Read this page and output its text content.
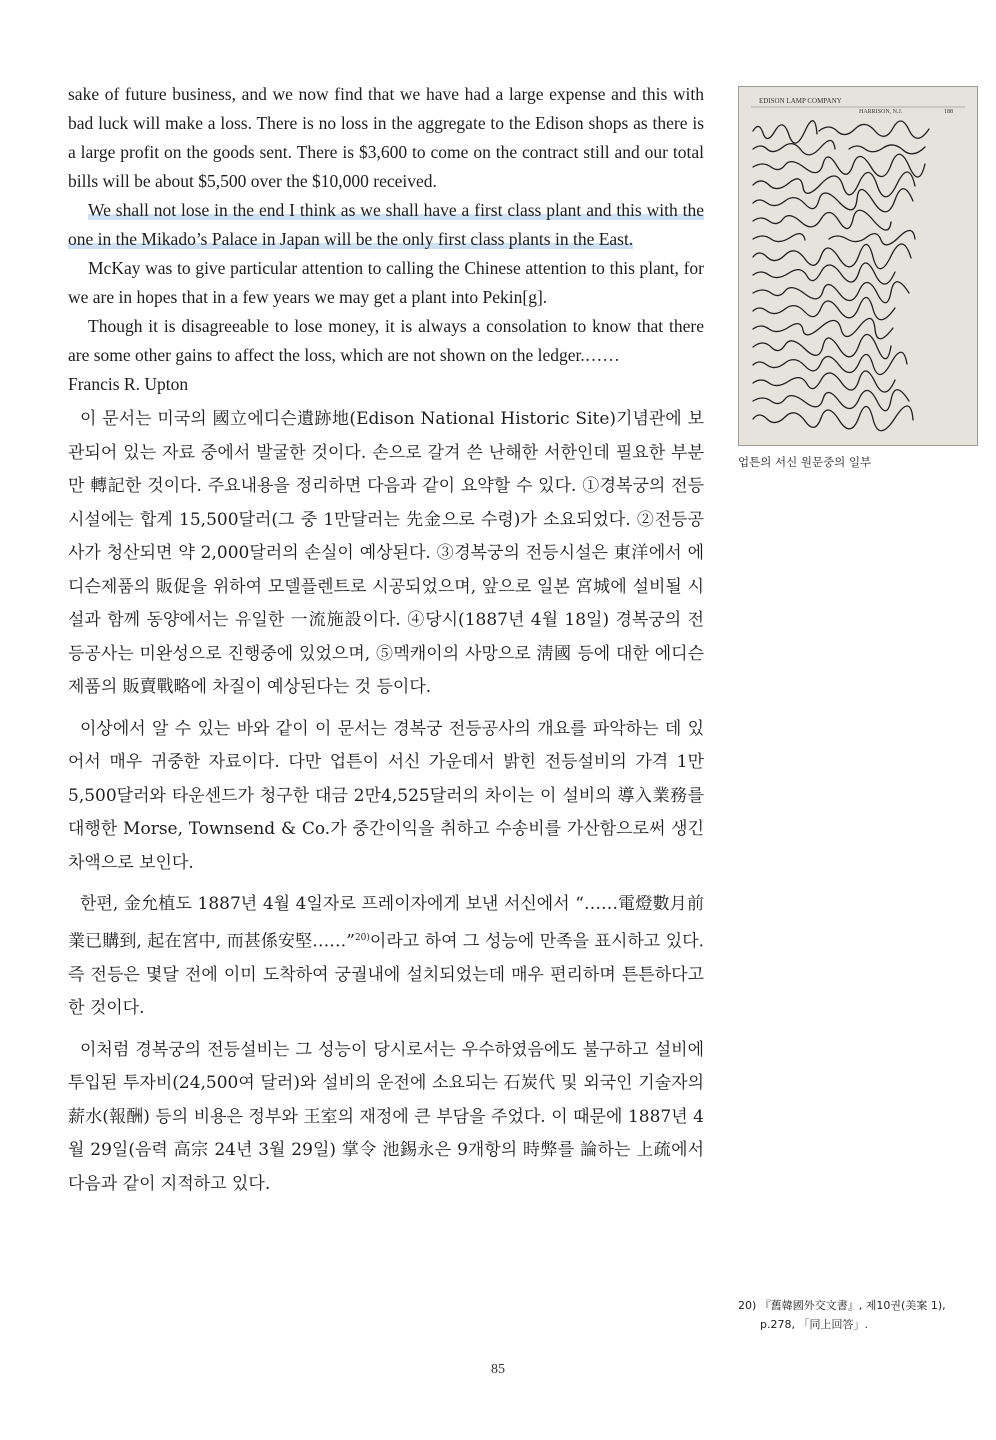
sake of future business, and we now find that we have had a large expense and this with bad luck will make a loss. There is no loss in the aggregate to the Edison shops as there is a large profit on the goods sent. There is $3,600 to come on the contract still and our total bills will be about $5,500 over the $10,000 received.

We shall not lose in the end I think as we shall have a first class plant and this with the one in the Mikado’s Palace in Japan will be the only first class plants in the East.

McKay was to give particular attention to calling the Chinese attention to this plant, for we are in hopes that in a few years we may get a plant into Pekin[g].

Though it is disagreeable to lose money, it is always a consolation to know that there are some other gains to affect the loss, which are not shown on the ledger.……

Francis R. Upton

이 문서는 미국의 國立에디슨遺跡地(Edison National Historic Site)기념관에 보관되어 있는 자료 중에서 발굴한 것이다. 손으로 갈겨 쓴 난해한 서한인데 필요한 부분만 轉記한 것이다. 주요내용을 정리하면 다음과 같이 요약할 수 있다. ①경복궁의 전등시설에는 합계 15,500달러(그 중 1만달러는 先金으로 수령)가 소요되었다. ②전등공사가 청산되면 약 2,000달러의 손실이 예상된다. ③경복궁의 전등시설은 東洋에서 에디슨제품의 販促을 위하여 모델플렌트로 시공되었으며, 앞으로 일본 宮城에 설비될 시설과 함께 동양에서는 유일한 一流施設이다. ④당시(1887년 4월 18일) 경복궁의 전등공사는 미완성으로 진행중에 있었으며, ⑤멕캐이의 사망으로 淸國 등에 대한 에디슨제품의 販賣戰略에 차질이 예상된다는 것 등이다.

이상에서 알 수 있는 바와 같이 이 문서는 경복궁 전등공사의 개요를 파악하는 데 있어서 매우 귀중한 자료이다. 다만 업튼이 서신 가운데서 밝힌 전등설비의 가격 1만5,500달러와 타운센드가 청구한 대금 2만4,525달러의 차이는 이 설비의 導入業務를 대행한 Morse, Townsend & Co.가 중간이익을 취하고 수송비를 가산함으로써 생긴 차액으로 보인다.

한편, 金允植도 1887년 4월 4일자로 프레이자에게 보낸 서신에서 “……電燈數月前業已購到, 起在宮中, 而甚係安堅……”$^{20)}$이라고 하여 그 성능에 만족을 표시하고 있다. 즉 전등은 몇달 전에 이미 도착하여 궁궐내에 설치되었는데 매우 편리하며 튼튼하다고 한 것이다.

이처럼 경복궁의 전등설비는 그 성능이 당시로서는 우수하였음에도 불구하고 설비에 투입된 투자비(24,500여 달러)와 설비의 운전에 소요되는 石炭代 및 외국인 기술자의 薪水(報酬) 등의 비용은 정부와 王室의 재정에 큰 부담을 주었다. 이 때문에 1887년 4월 29일(음력 高宗 24년 3월 29일) 掌令 池錫永은 9개항의 時弊를 論하는 上疏에서 다음과 같이 지적하고 있다.

EDISON LAMP COMPANY
HARRISON, N.J.	188
업튼의 서신 원문중의 일부
20) 『舊韓國外交文書』, 제10권(美案 1),
p.278, 「同上回答」.
85
